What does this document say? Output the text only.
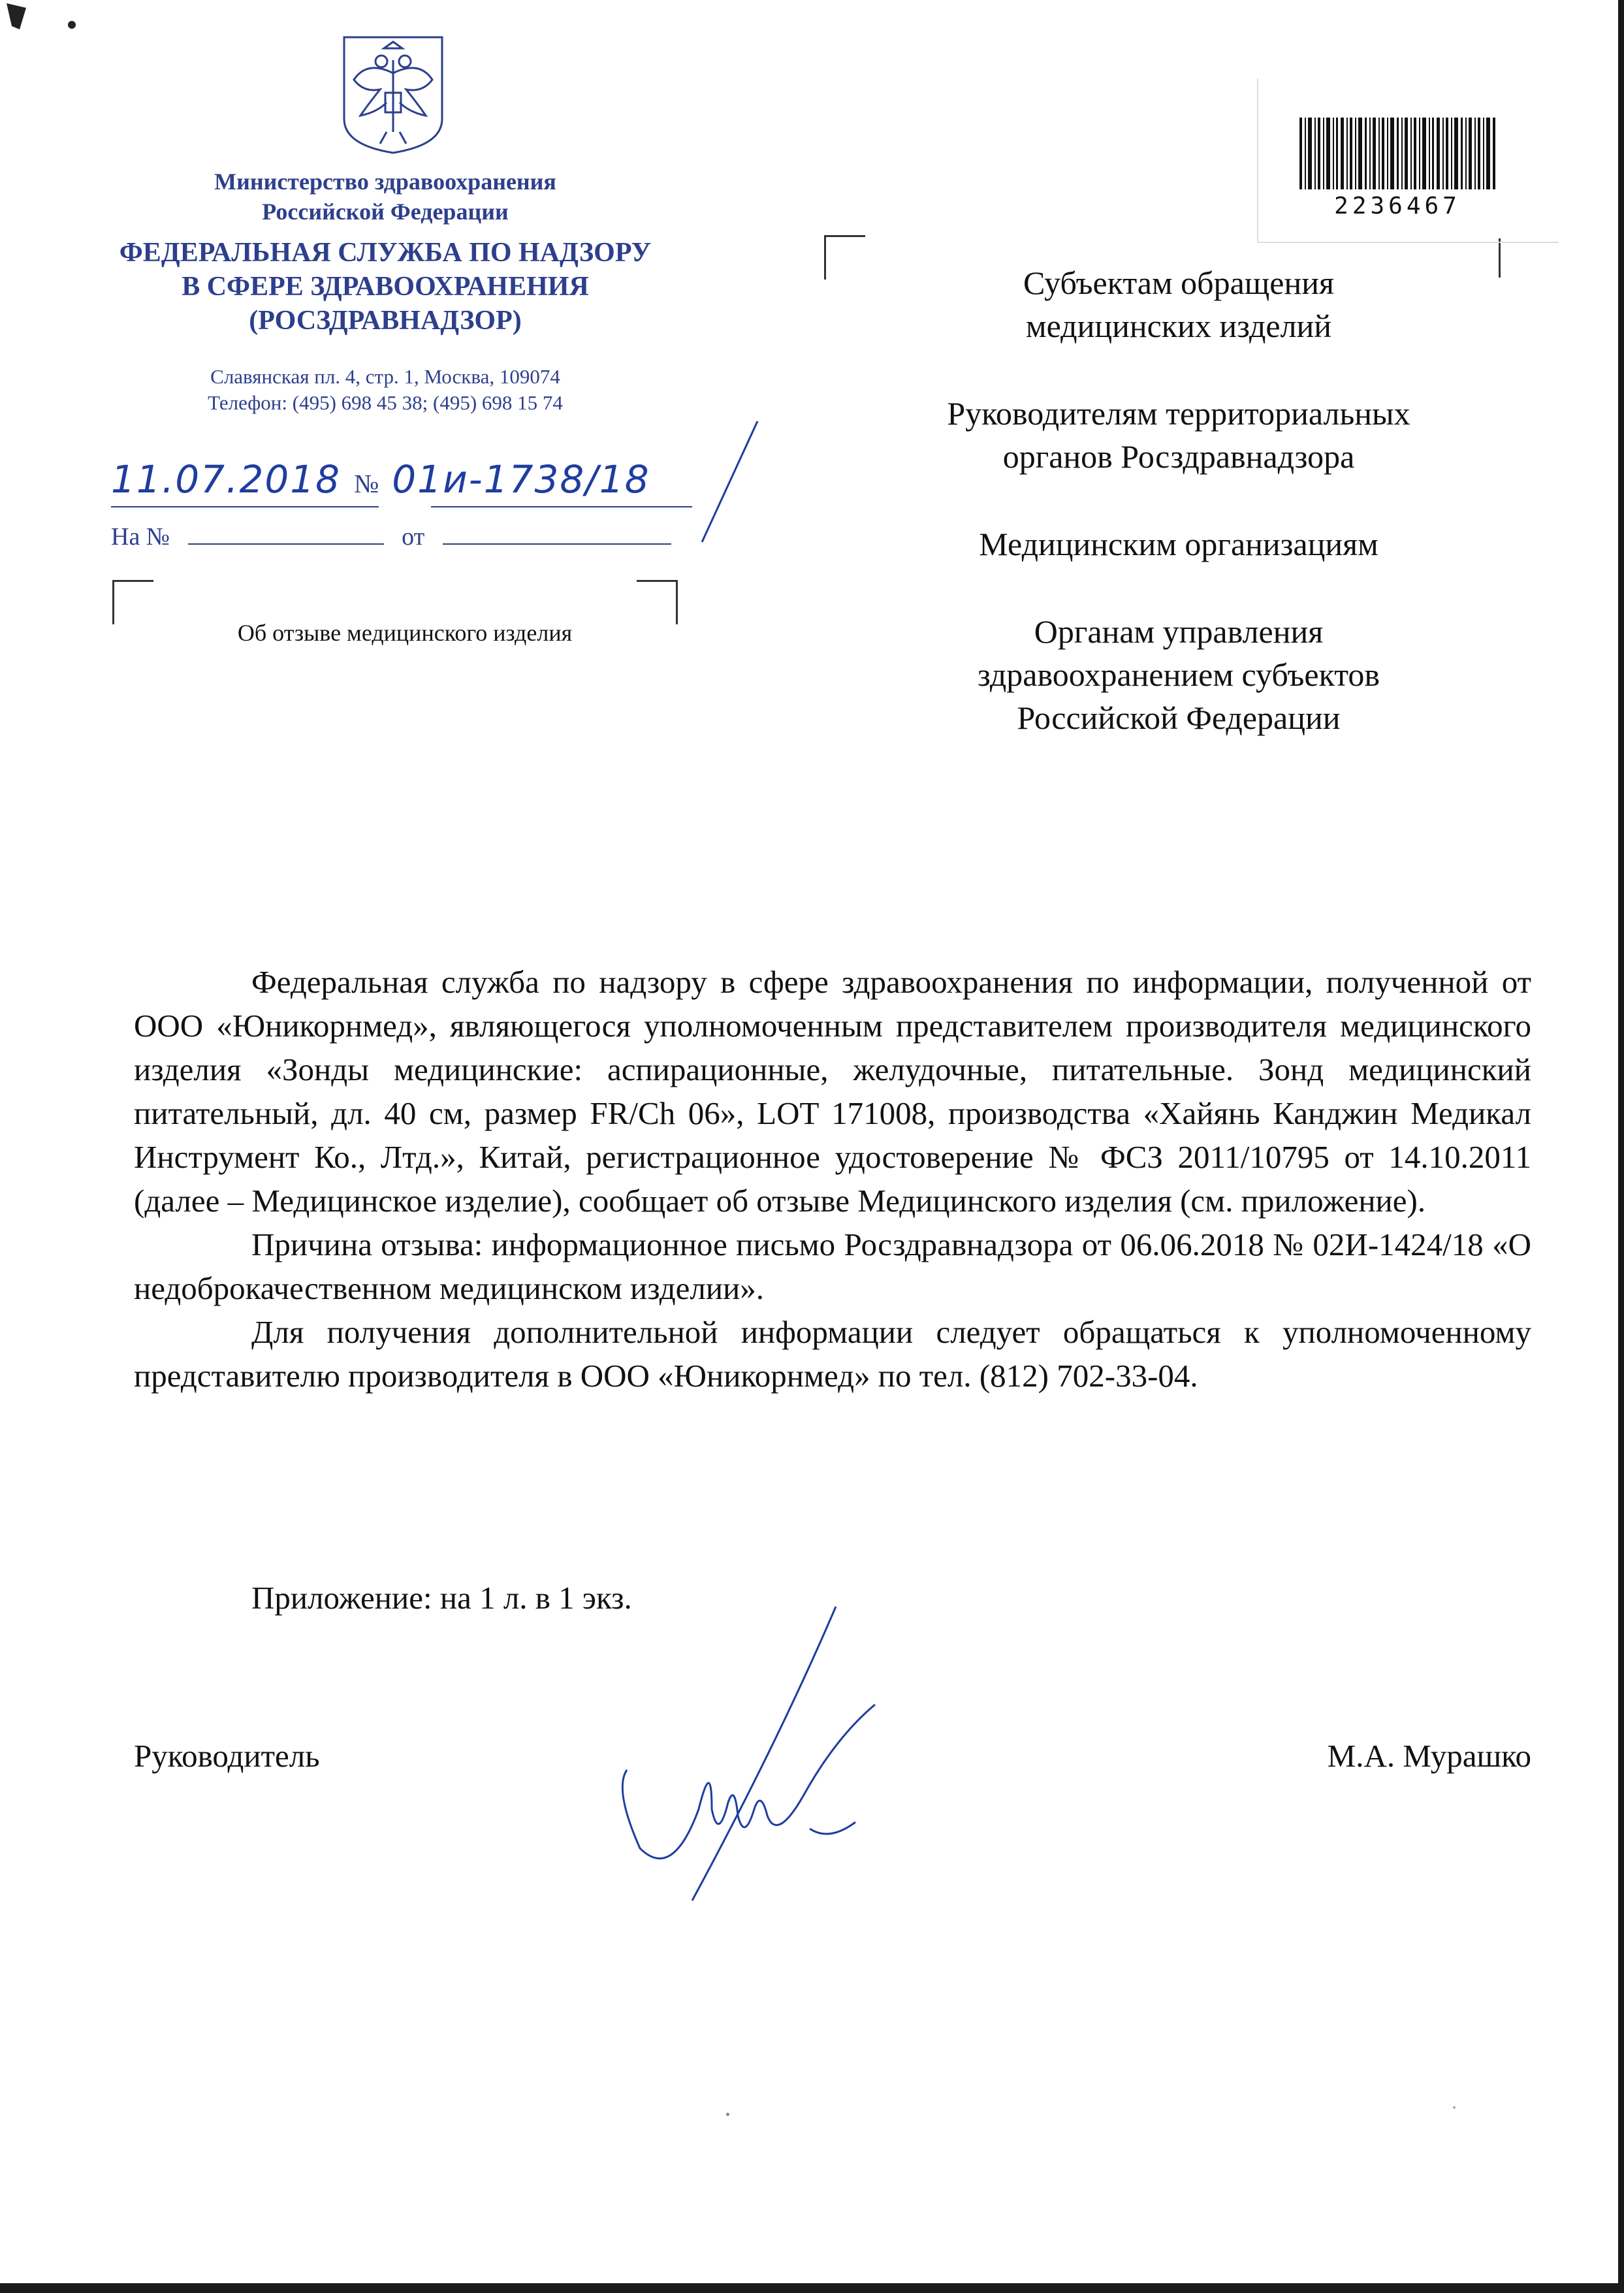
Министерство здравоохранения
Российской Федерации
ФЕДЕРАЛЬНАЯ СЛУЖБА ПО НАДЗОРУ
В СФЕРЕ ЗДРАВООХРАНЕНИЯ
(РОСЗДРАВНАДЗОР)
Славянская пл. 4, стр. 1, Москва, 109074
Телефон: (495) 698 45 38; (495) 698 15 74
11.07.2018 № 01и-1738/18
На №	от
Об отзыве медицинского изделия
2236467

Субъектам обращения медицинских изделий

Руководителям территориальных органов Росздравнадзора

Медицинским организациям

Органам управления здравоохранением субъектов Российской Федерации

Федеральная служба по надзору в сфере здравоохранения по информации, полученной от ООО «Юникорнмед», являющегося уполномоченным представителем производителя медицинского изделия «Зонды медицинские: аспирационные, желудочные, питательные. Зонд медицинский питательный, дл. 40 см, размер FR/Ch 06», LOT 171008, производства «Хайянь Канджин Медикал Инструмент Ко., Лтд.», Китай, регистрационное удостоверение № ФСЗ 2011/10795 от 14.10.2011 (далее – Медицинское изделие), сообщает об отзыве Медицинского изделия (см. приложение).

Причина отзыва: информационное письмо Росздравнадзора от 06.06.2018 № 02И-1424/18 «О недоброкачественном медицинском изделии».

Для получения дополнительной информации следует обращаться к уполномоченному представителю производителя в ООО «Юникорнмед» по тел. (812) 702-33-04.

Приложение: на 1 л. в 1 экз.
Руководитель	М.А. Мурашко
